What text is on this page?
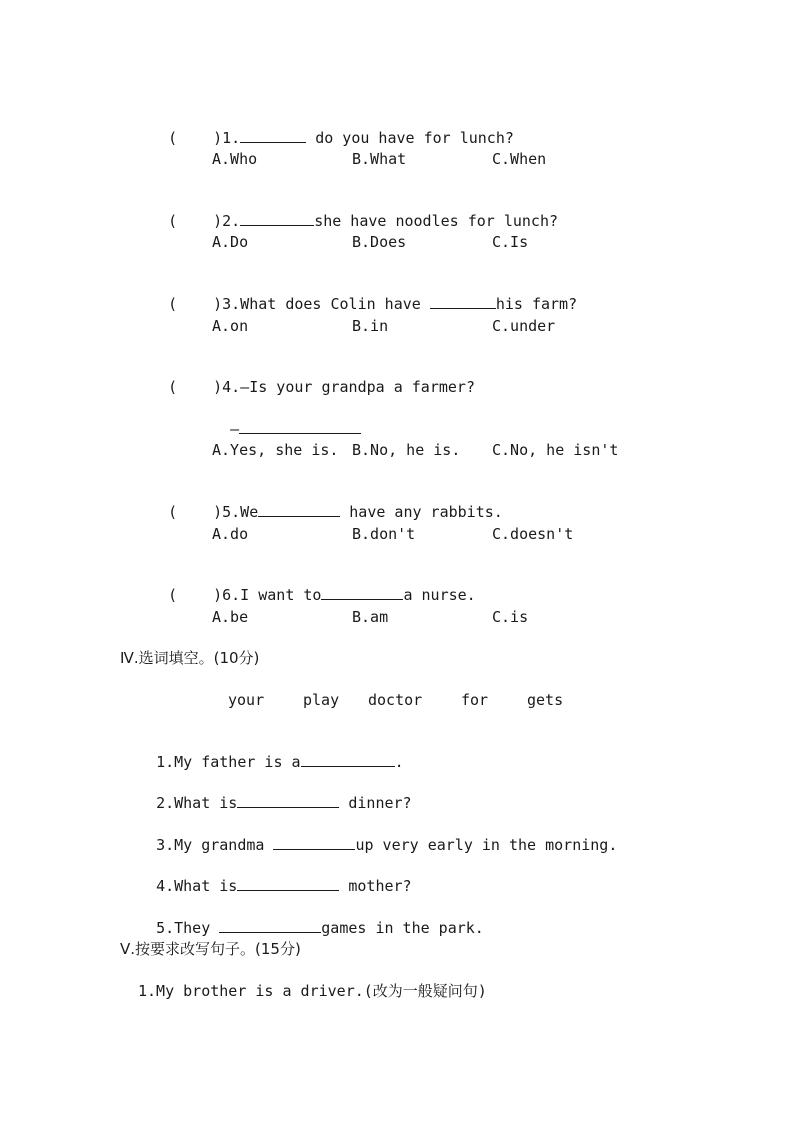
( )1.	do you have for lunch?

A.Who	B.What	C.When

( )2.	she have noodles for lunch?

A.Do	B.Does	C.Is

( )3.What does Colin have	his farm?

A.on	B.in	C.under

( )4.—Is your grandpa a farmer?

—

A.Yes, she is. B.No, he is. C.No, he isn't

( )5.We	have any rabbits.

A.do	B.don't	C.doesn't

( )6.I want to	a nurse.

A.be	B.am	C.is
Ⅳ.选词填空。(10分)
your	play doctor	for	gets

1.My father is a	.

2.What is	dinner?

3.My grandma	up very early in the morning.

4.What is	mother?

5.They	games in the park.

Ⅴ.按要求改写句子。(15分)
1.My brother is a driver.(改为一般疑问句)
